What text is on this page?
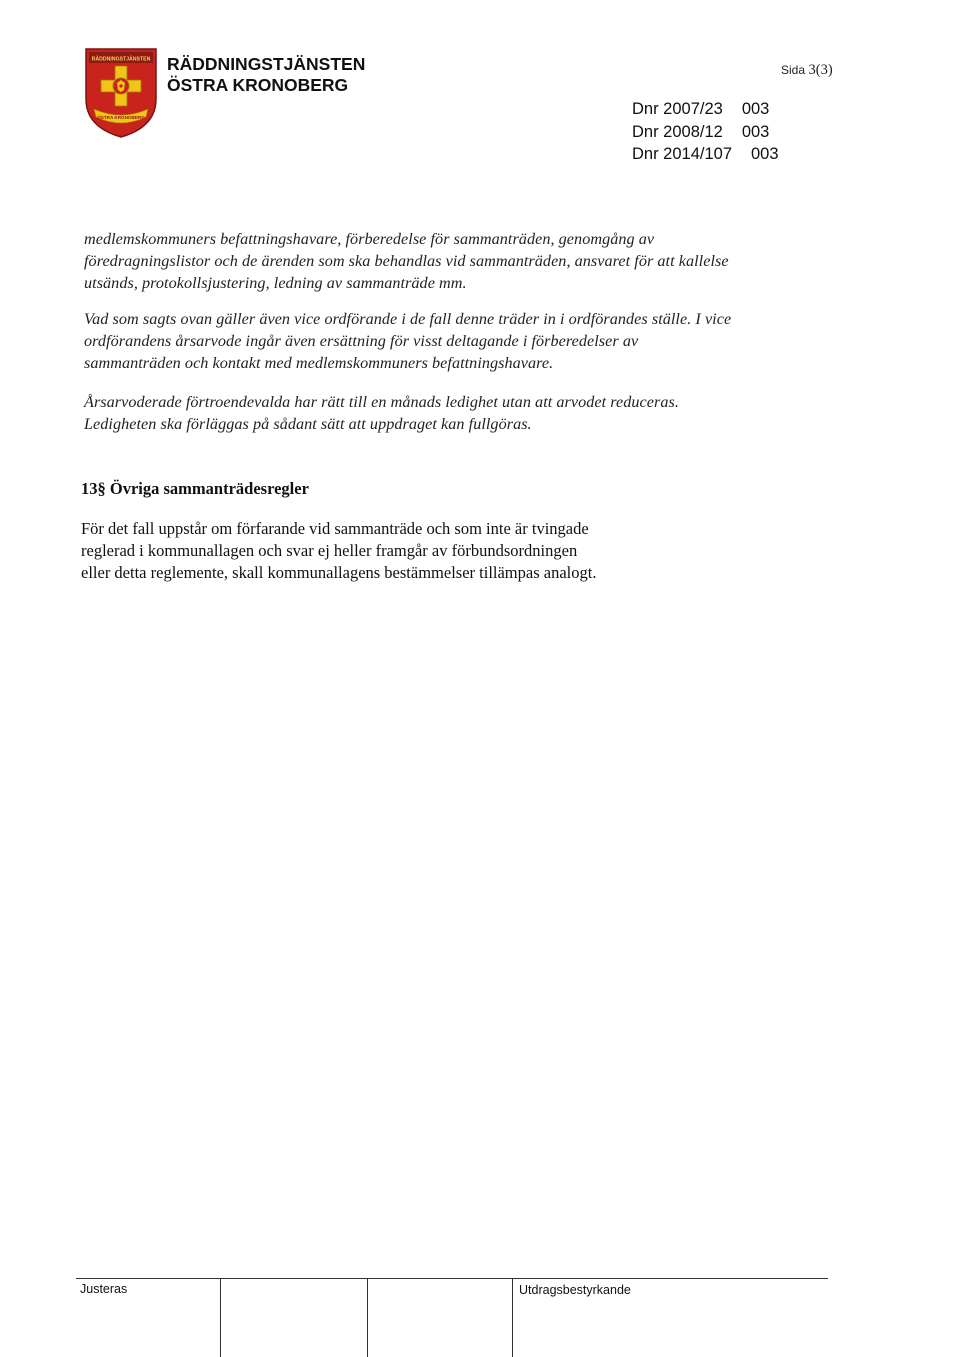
RÄDDNINGSTJÄNSTEN
ÖSTRA KRONOBERG
RÄDDNINGSTJÄNSTEN
ÖSTRA KRONOBERG
Sida 3(3)
Dnr 2007/23 003
Dnr 2008/12 003
Dnr 2014/107 003

medlemskommuners befattningshavare, förberedelse för sammanträden, genomgång av
föredragningslistor och de ärenden som ska behandlas vid sammanträden, ansvaret för att kallelse
utsänds, protokollsjustering, ledning av sammanträde mm.

Vad som sagts ovan gäller även vice ordförande i de fall denne träder in i ordförandes ställe. I vice
ordförandens årsarvode ingår även ersättning för visst deltagande i förberedelser av
sammanträden och kontakt med medlemskommuners befattningshavare.

Årsarvoderade förtroendevalda har rätt till en månads ledighet utan att arvodet reduceras.
Ledigheten ska förläggas på sådant sätt att uppdraget kan fullgöras.

13§ Övriga sammanträdesregler
För det fall uppstår om förfarande vid sammanträde och som inte är tvingade
reglerad i kommunallagen och svar ej heller framgår av förbundsordningen
eller detta reglemente, skall kommunallagens bestämmelser tillämpas analogt.
Justeras	Utdragsbestyrkande
